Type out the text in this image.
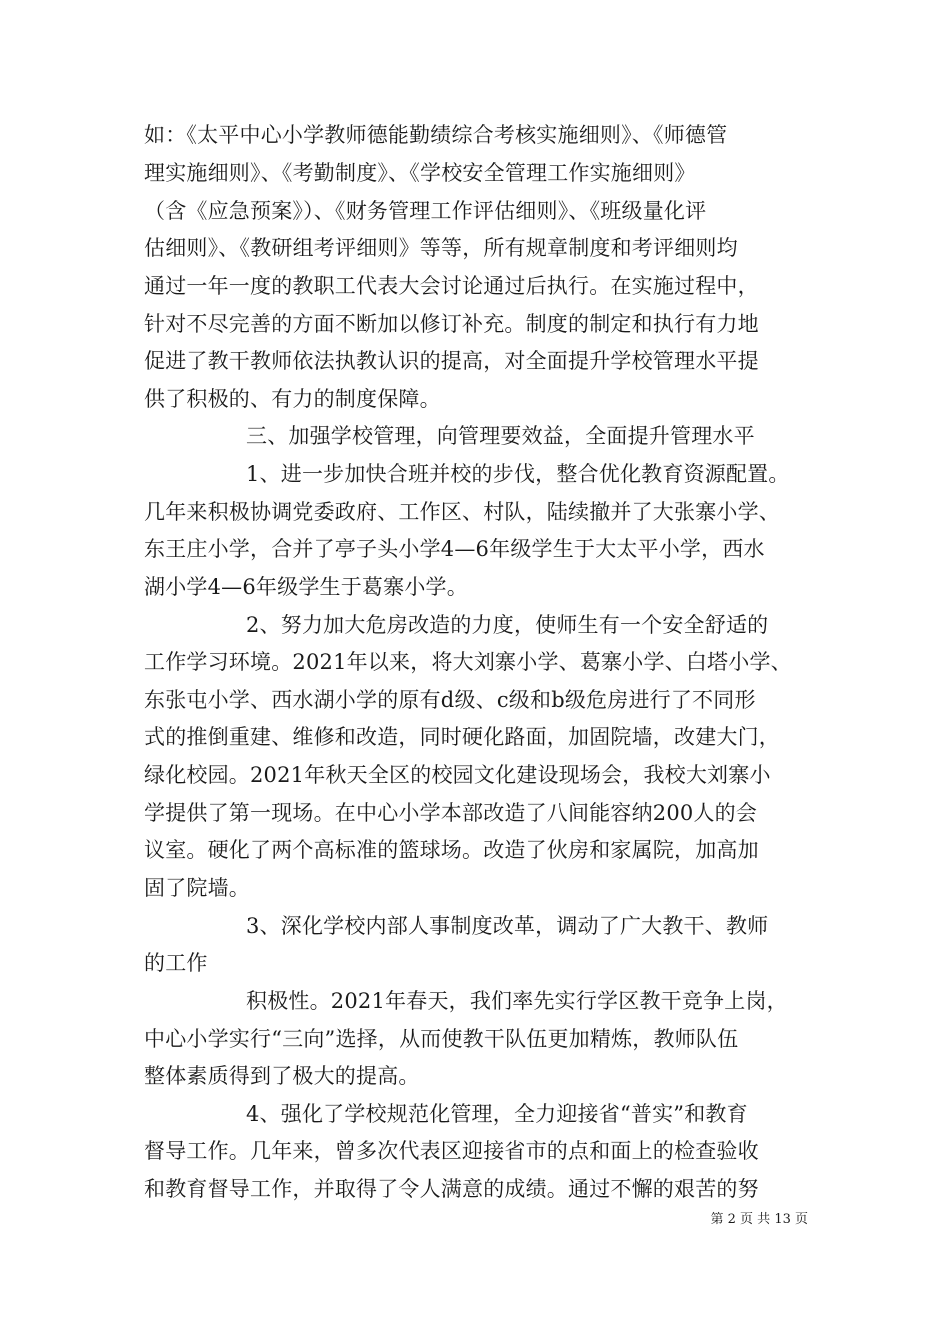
如：《太平中心小学教师德能勤绩综合考核实施细则》、《师德管

理实施细则》、《考勤制度》、《学校安全管理工作实施细则》

（含《应急预案》）、《财务管理工作评估细则》、《班级量化评

估细则》、《教研组考评细则》等等，所有规章制度和考评细则均

通过一年一度的教职工代表大会讨论通过后执行。在实施过程中，

针对不尽完善的方面不断加以修订补充。制度的制定和执行有力地

促进了教干教师依法执教认识的提高，对全面提升学校管理水平提

供了积极的、有力的制度保障。

三、加强学校管理，向管理要效益，全面提升管理水平

1、进一步加快合班并校的步伐，整合优化教育资源配置。

几年来积极协调党委政府、工作区、村队，陆续撤并了大张寨小学、

东王庄小学，合并了亭子头小学4—6年级学生于大太平小学，西水

湖小学4—6年级学生于葛寨小学。

2、努力加大危房改造的力度，使师生有一个安全舒适的

工作学习环境。2021年以来，将大刘寨小学、葛寨小学、白塔小学、

东张屯小学、西水湖小学的原有d级、c级和b级危房进行了不同形

式的推倒重建、维修和改造，同时硬化路面，加固院墙，改建大门，

绿化校园。2021年秋天全区的校园文化建设现场会，我校大刘寨小

学提供了第一现场。在中心小学本部改造了八间能容纳200人的会

议室。硬化了两个高标准的篮球场。改造了伙房和家属院，加高加

固了院墙。

3、深化学校内部人事制度改革，调动了广大教干、教师

的工作

积极性。2021年春天，我们率先实行学区教干竞争上岗，

中心小学实行“三向”选择，从而使教干队伍更加精炼，教师队伍

整体素质得到了极大的提高。

4、强化了学校规范化管理，全力迎接省“普实”和教育

督导工作。几年来，曾多次代表区迎接省市的点和面上的检查验收

和教育督导工作，并取得了令人满意的成绩。通过不懈的艰苦的努

第 2 页 共 13 页
